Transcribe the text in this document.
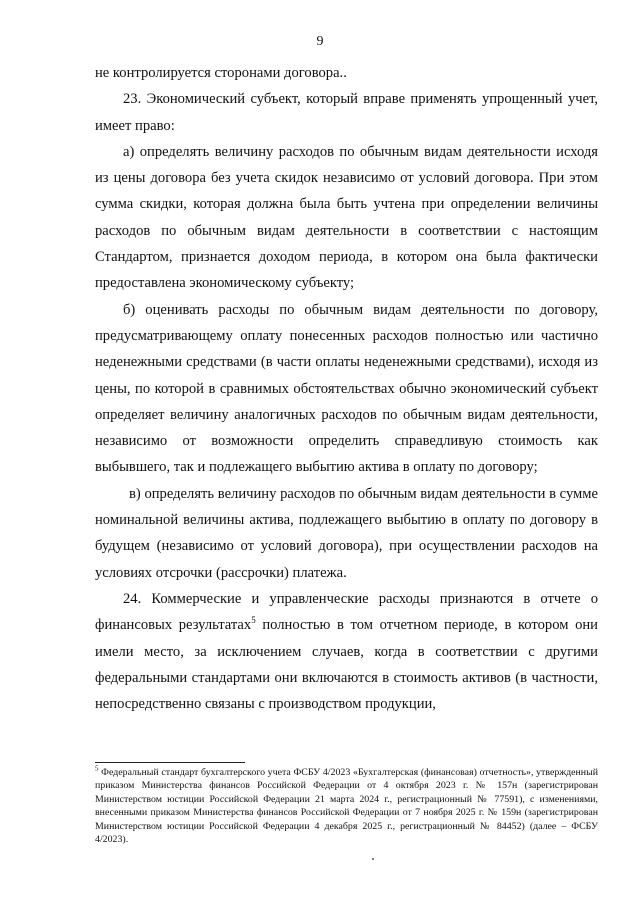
9

не контролируется сторонами договора..

23. Экономический субъект, который вправе применять упрощенный учет, имеет право:

а) определять величину расходов по обычным видам деятельности исходя из цены договора без учета скидок независимо от условий договора. При этом сумма скидки, которая должна была быть учтена при определении величины расходов по обычным видам деятельности в соответствии с настоящим Стандартом, признается доходом периода, в котором она была фактически предоставлена экономическому субъекту;

б) оценивать расходы по обычным видам деятельности по договору, предусматривающему оплату понесенных расходов полностью или частично неденежными средствами (в части оплаты неденежными средствами), исходя из цены, по которой в сравнимых обстоятельствах обычно экономический субъект определяет величину аналогичных расходов по обычным видам деятельности, независимо от возможности определить справедливую стоимость как выбывшего, так и подлежащего выбытию актива в оплату по договору;

в) определять величину расходов по обычным видам деятельности в сумме номинальной величины актива, подлежащего выбытию в оплату по договору в будущем (независимо от условий договора), при осуществлении расходов на условиях отсрочки (рассрочки) платежа.

24. Коммерческие и управленческие расходы признаются в отчете о финансовых результатах$^5$ полностью в том отчетном периоде, в котором они имели место, за исключением случаев, когда в соответствии с другими федеральными стандартами они включаются в стоимость активов (в частности, непосредственно связаны с производством продукции,

$^5$ Федеральный стандарт бухгалтерского учета ФСБУ 4/2023 «Бухгалтерская (финансовая) отчетность», утвержденный приказом Министерства финансов Российской Федерации от 4 октября 2023 г. № 157н (зарегистрирован Министерством юстиции Российской Федерации 21 марта 2024 г., регистрационный № 77591), с изменениями, внесенными приказом Министерства финансов Российской Федерации от 7 ноября 2025 г. № 159н (зарегистрирован Министерством юстиции Российской Федерации 4 декабря 2025 г., регистрационный № 84452) (далее – ФСБУ 4/2023).
